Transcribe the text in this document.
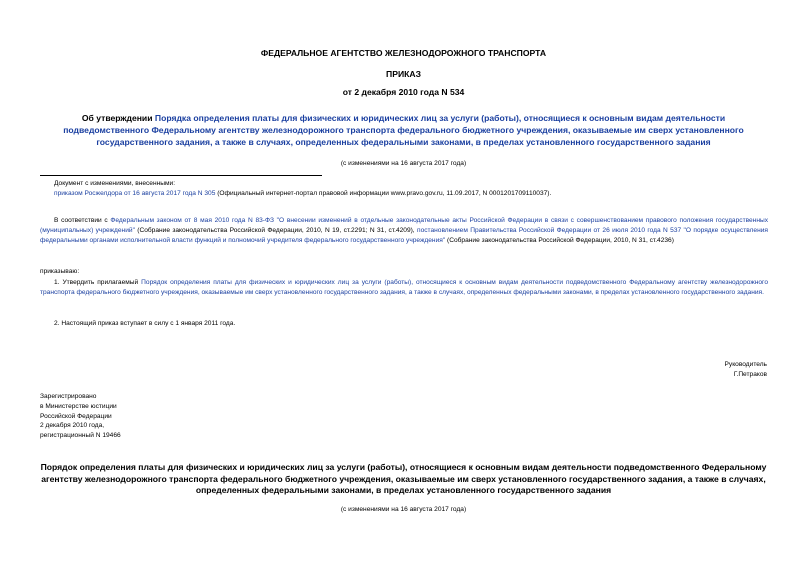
ФЕДЕРАЛЬНОЕ АГЕНТСТВО ЖЕЛЕЗНОДОРОЖНОГО ТРАНСПОРТА
ПРИКАЗ
от 2 декабря 2010 года N 534
Об утверждении Порядка определения платы для физических и юридических лиц за услуги (работы), относящиеся к основным видам деятельности подведомственного Федеральному агентству железнодорожного транспорта федерального бюджетного учреждения, оказываемые им сверх установленного государственного задания, а также в случаях, определенных федеральными законами, в пределах установленного государственного задания
(с изменениями на 16 августа 2017 года)
Документ с изменениями, внесенными:
приказом Росжелдора от 16 августа 2017 года N 305 (Официальный интернет-портал правовой информации www.pravo.gov.ru, 11.09.2017, N 0001201709110037).
В соответствии с Федеральным законом от 8 мая 2010 года N 83-ФЗ "О внесении изменений в отдельные законодательные акты Российской Федерации в связи с совершенствованием правового положения государственных (муниципальных) учреждений" (Собрание законодательства Российской Федерации, 2010, N 19, ст.2291; N 31, ст.4209), постановлением Правительства Российской Федерации от 26 июля 2010 года N 537 "О порядке осуществления федеральными органами исполнительной власти функций и полномочий учредителя федерального государственного учреждения" (Собрание законодательства Российской Федерации, 2010, N 31, ст.4236)
приказываю:
1. Утвердить прилагаемый Порядок определения платы для физических и юридических лиц за услуги (работы), относящиеся к основным видам деятельности подведомственного Федеральному агентству железнодорожного транспорта федерального бюджетного учреждения, оказываемые им сверх установленного государственного задания, а также в случаях, определенных федеральными законами, в пределах установленного государственного задания.
2. Настоящий приказ вступает в силу с 1 января 2011 года.
Руководитель
Г.Петраков
Зарегистрировано
в Министерстве юстиции
Российской Федерации
2 декабря 2010 года,
регистрационный N 19466
Порядок определения платы для физических и юридических лиц за услуги (работы), относящиеся к основным видам деятельности подведомственного Федеральному агентству железнодорожного транспорта федерального бюджетного учреждения, оказываемые им сверх установленного государственного задания, а также в случаях, определенных федеральными законами, в пределах установленного государственного задания
(с изменениями на 16 августа 2017 года)
